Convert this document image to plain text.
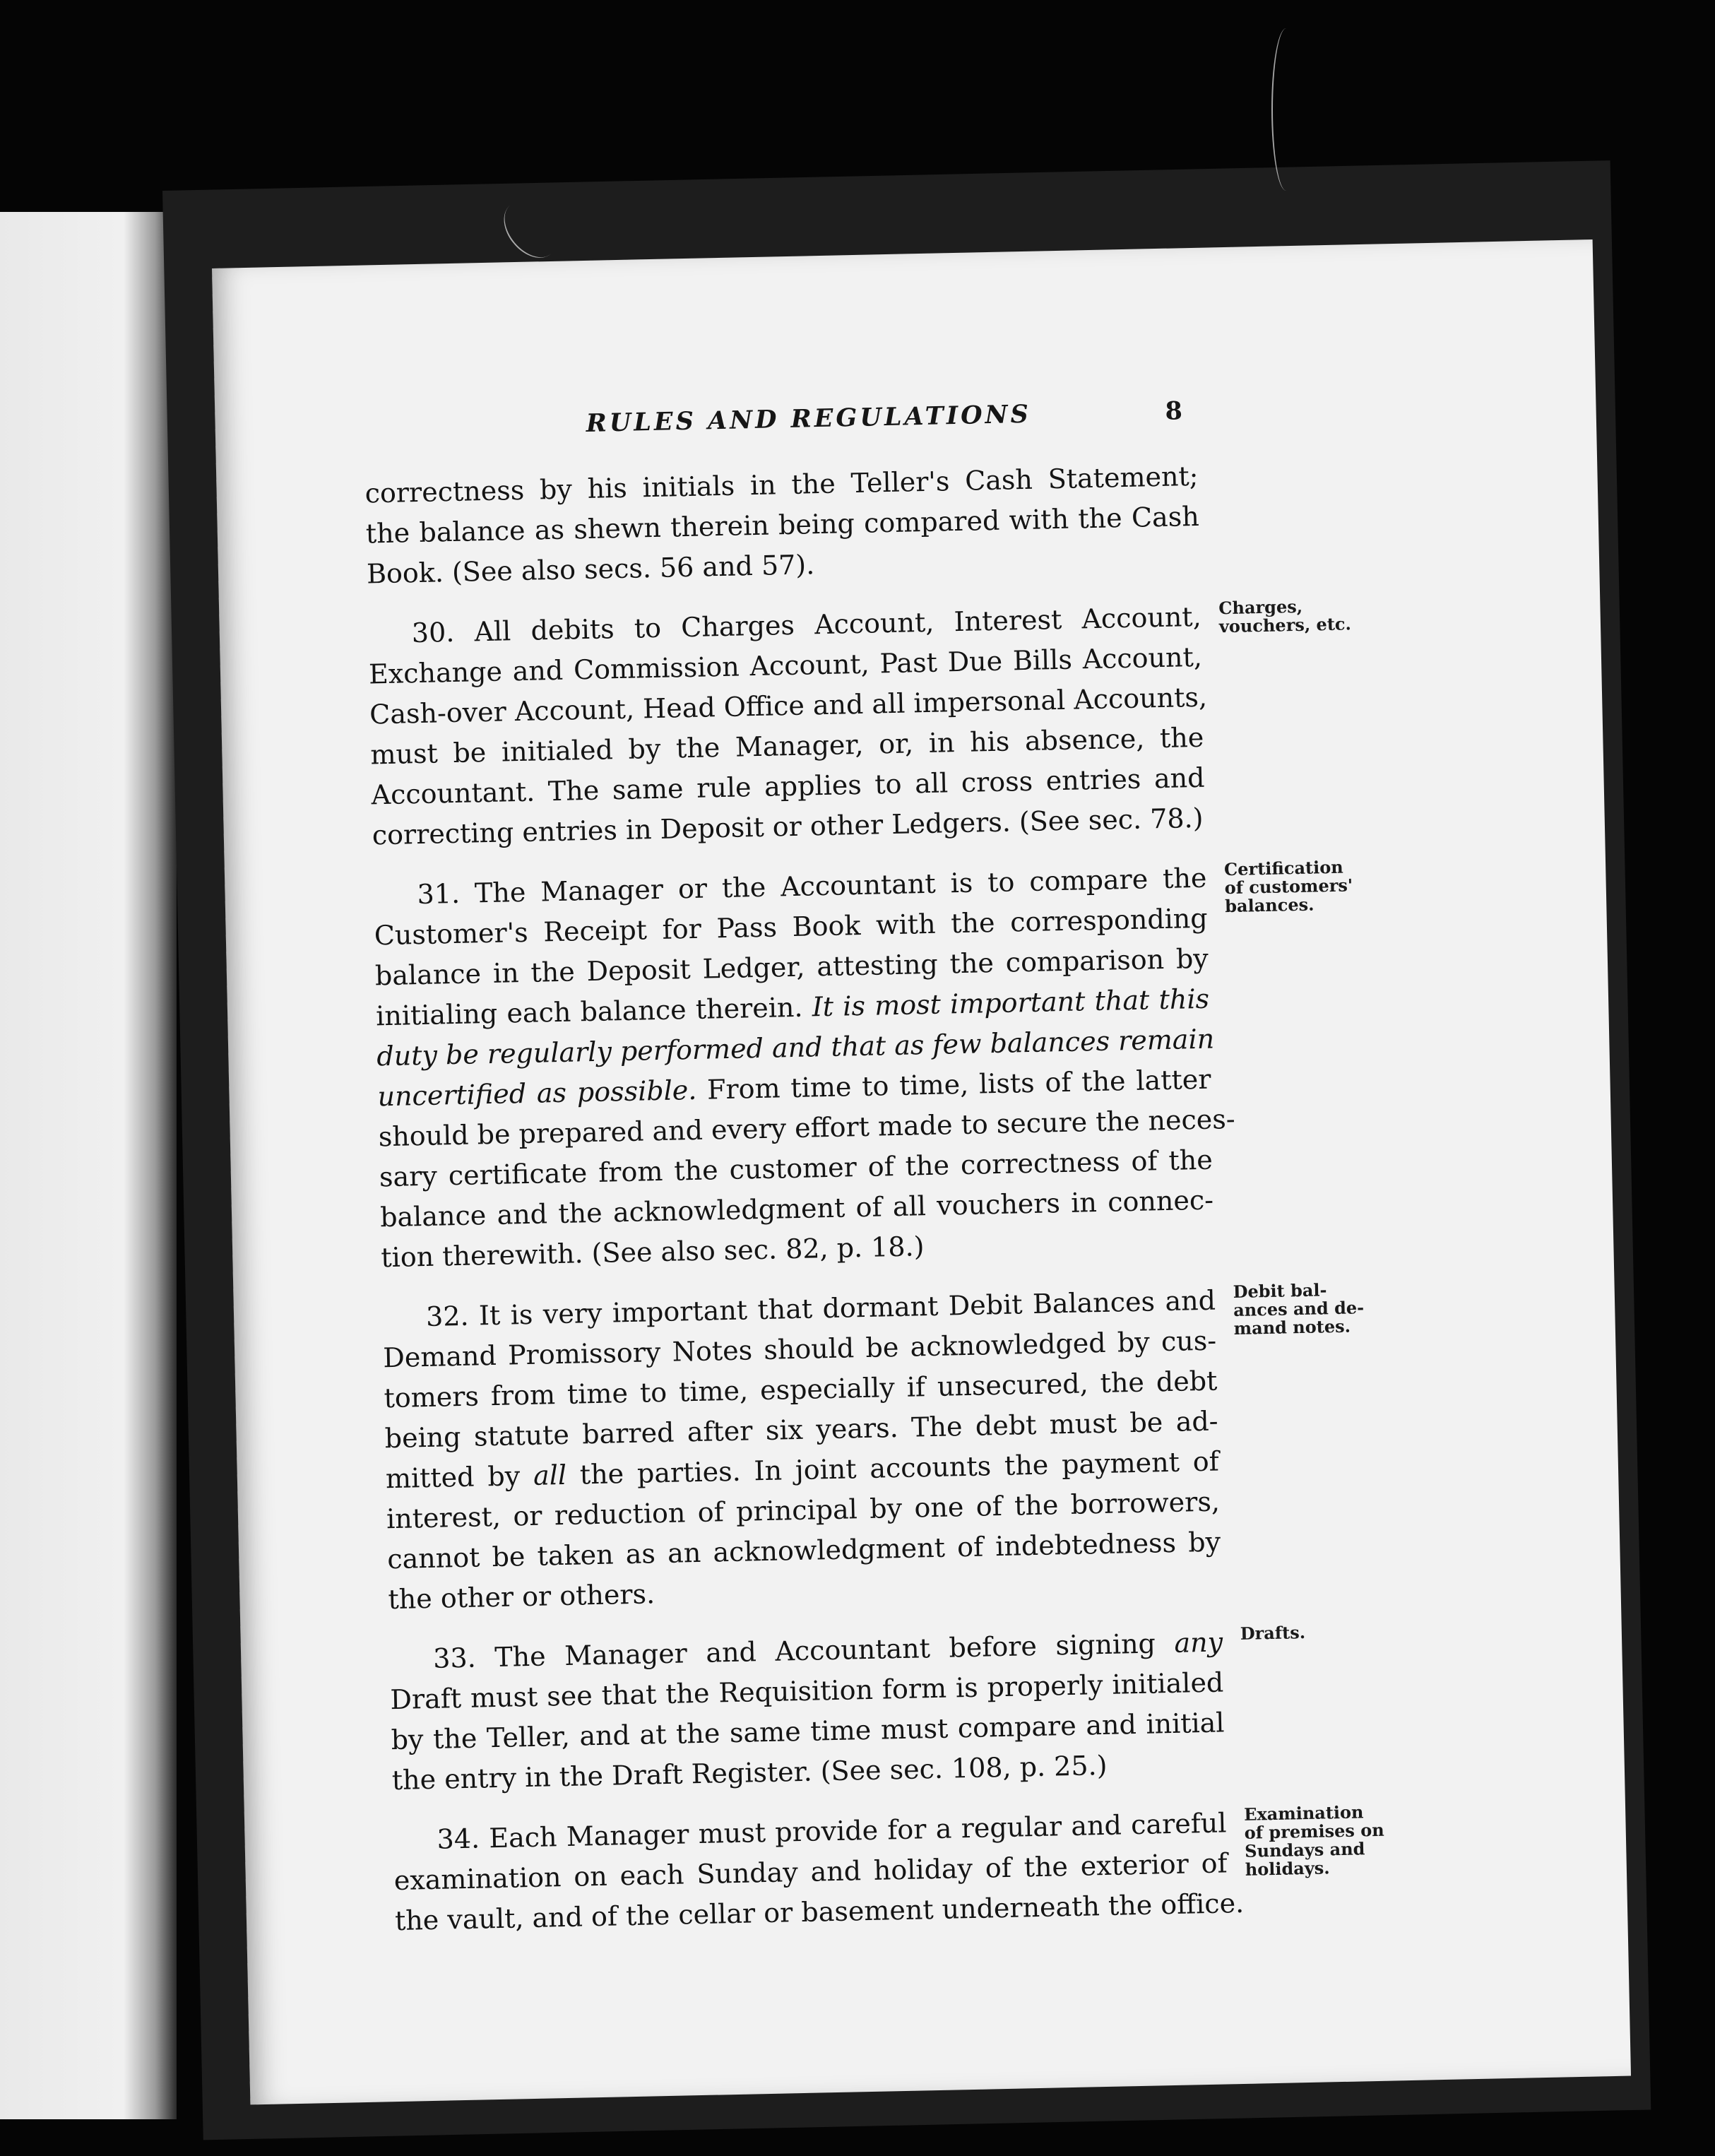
RULES AND REGULATIONS	8

correctness by his initials in the Teller's Cash Statement;
the balance as shewn therein being compared with the Cash
Book. (See also secs. 56 and 57).

30. All debits to Charges Account, Interest Account,
Exchange and Commission Account, Past Due Bills Account,
Cash-over Account, Head Office and all impersonal Accounts,
must be initialed by the Manager, or, in his absence, the
Accountant. The same rule applies to all cross entries and
correcting entries in Deposit or other Ledgers. (See sec. 78.)

Charges,
vouchers, etc.

31. The Manager or the Accountant is to compare the
Customer's Receipt for Pass Book with the corresponding
balance in the Deposit Ledger, attesting the comparison by
initialing each balance therein. It is most important that this
duty be regularly performed and that as few balances remain
uncertified as possible. From time to time, lists of the latter
should be prepared and every effort made to secure the neces-
sary certificate from the customer of the correctness of the
balance and the acknowledgment of all vouchers in connec-
tion therewith. (See also sec. 82, p. 18.)

Certification
of customers'
balances.

32. It is very important that dormant Debit Balances and
Demand Promissory Notes should be acknowledged by cus-
tomers from time to time, especially if unsecured, the debt
being statute barred after six years. The debt must be ad-
mitted by all the parties. In joint accounts the payment of
interest, or reduction of principal by one of the borrowers,
cannot be taken as an acknowledgment of indebtedness by
the other or others.

Debit bal-
ances and de-
mand notes.

33. The Manager and Accountant before signing any
Draft must see that the Requisition form is properly initialed
by the Teller, and at the same time must compare and initial
the entry in the Draft Register. (See sec. 108, p. 25.)

Drafts.

34. Each Manager must provide for a regular and careful
examination on each Sunday and holiday of the exterior of
the vault, and of the cellar or basement underneath the office.

Examination
of premises on
Sundays and
holidays.
